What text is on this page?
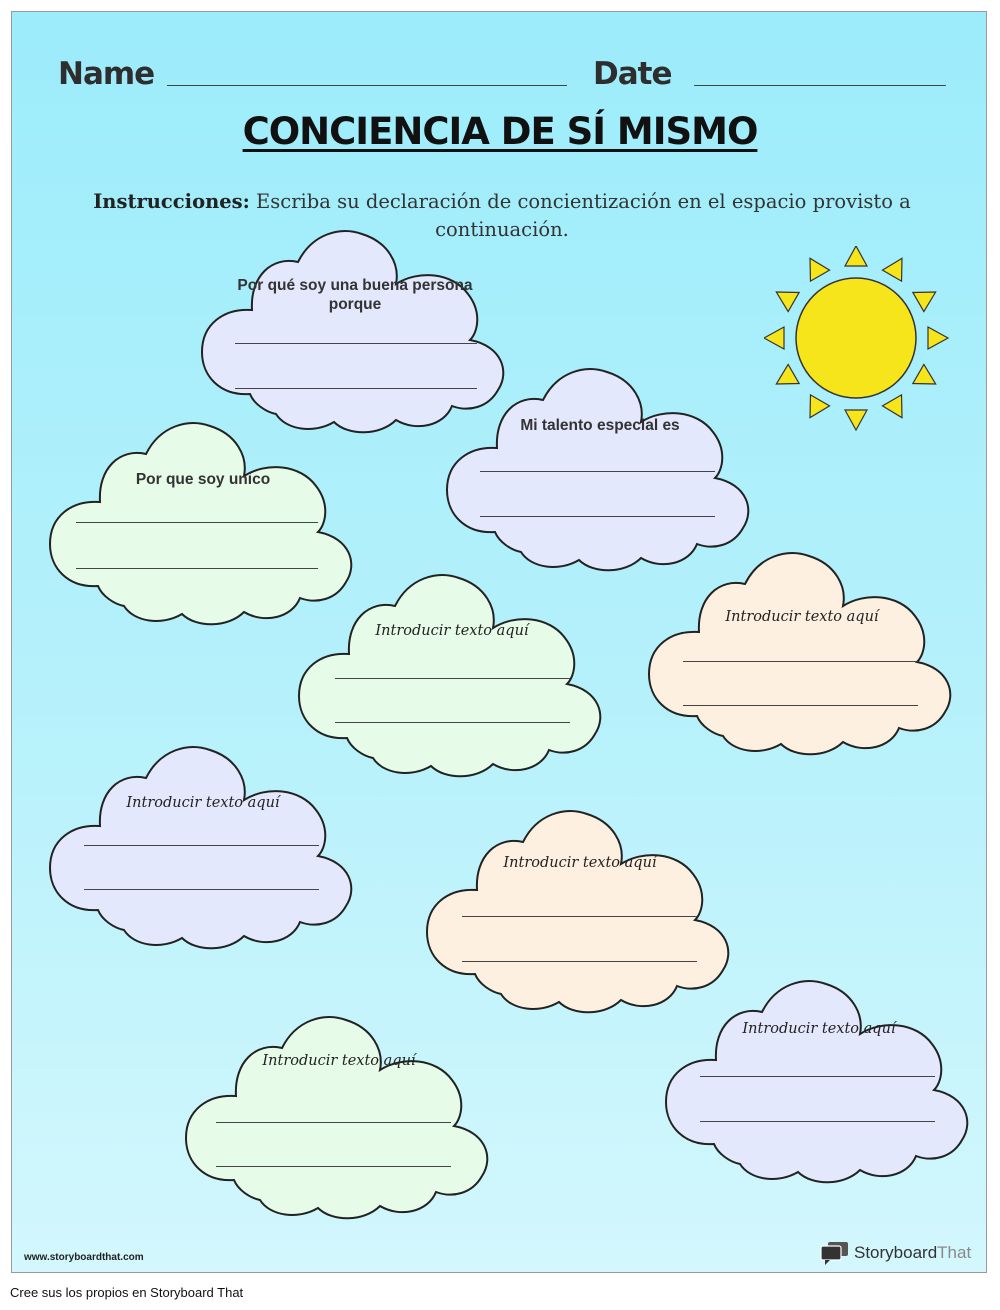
Name	Date
CONCIENCIA DE SÍ MISMO
Instrucciones: Escriba su declaración de concientización en el espacio provisto a continuación.
Por qué soy una buena persona porque
Mi talento especial es
Por que soy unico
Introducir texto aquí
Introducir texto aquí
Introducir texto aquí
Introducir texto aquí
Introducir texto aquí
Introducir texto aquí
www.storyboardthat.com	StoryboardThat
Cree sus los propios en Storyboard That
